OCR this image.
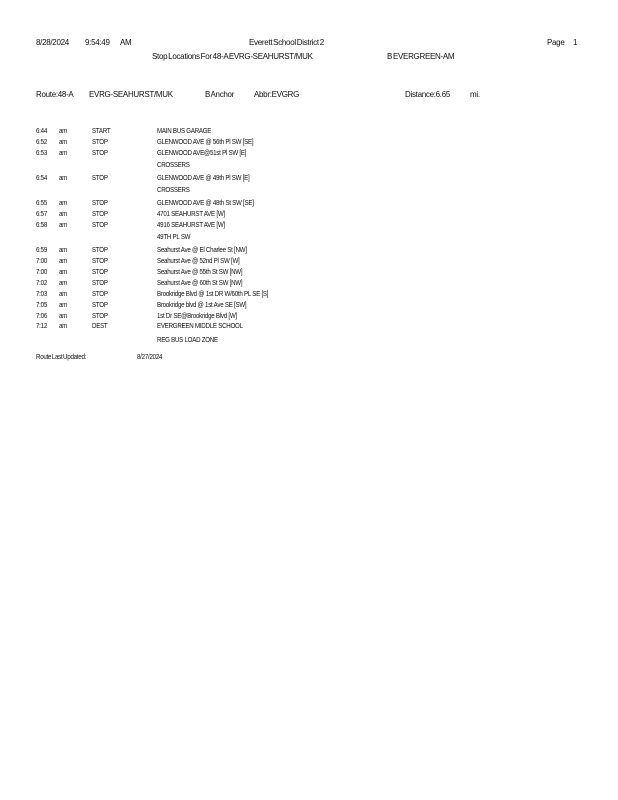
8/28/2024 9:54:49 AM	Everett School District 2	Page 1
Stop Locations For 48-A EVRG-SEAHURST/MUK	B EVERGREEN-AM
Route:48-A EVRG-SEAHURST/MUK	B Anchor Abbr:EVGRG	Distance:6.65 mi.
6:44 am	START	MAIN BUS GARAGE
6:52 am	STOP	GLENWOOD AVE @ 56th Pl SW [SE]
6:53 am	STOP	GLENWOOD AVE@51st Pl SW [E]
CROSSERS
6:54 am	STOP	GLENWOOD AVE @ 49th Pl SW [E]
CROSSERS
6:55 am	STOP	GLENWOOD AVE @ 48th St SW [SE]
6:57 am	STOP	4701 SEAHURST AVE [W]
6:58 am	STOP	4916 SEAHURST AVE [W]
49TH PL SW
6:59 am	STOP	Seahurst Ave @ El Charlee St [NW]
7:00 am	STOP	Seahurst Ave @ 52nd Pl SW [W]
7:00 am	STOP	Seahurst Ave @ 55th St SW [NW]
7:02 am	STOP	Seahurst Ave @ 60th St SW [NW]
7:03 am	STOP	Brookridge Blvd @ 1st DR W/60th PL SE [S]
7:05 am	STOP	Brookridge blvd @ 1st Ave SE [SW]
7:06 am	STOP	1st Dr SE@Brookridge Blvd [W]
7:12 am	DEST	EVERGREEN MIDDLE SCHOOL
REG BUS LOAD ZONE
Route Last Updated:	8/27/2024
